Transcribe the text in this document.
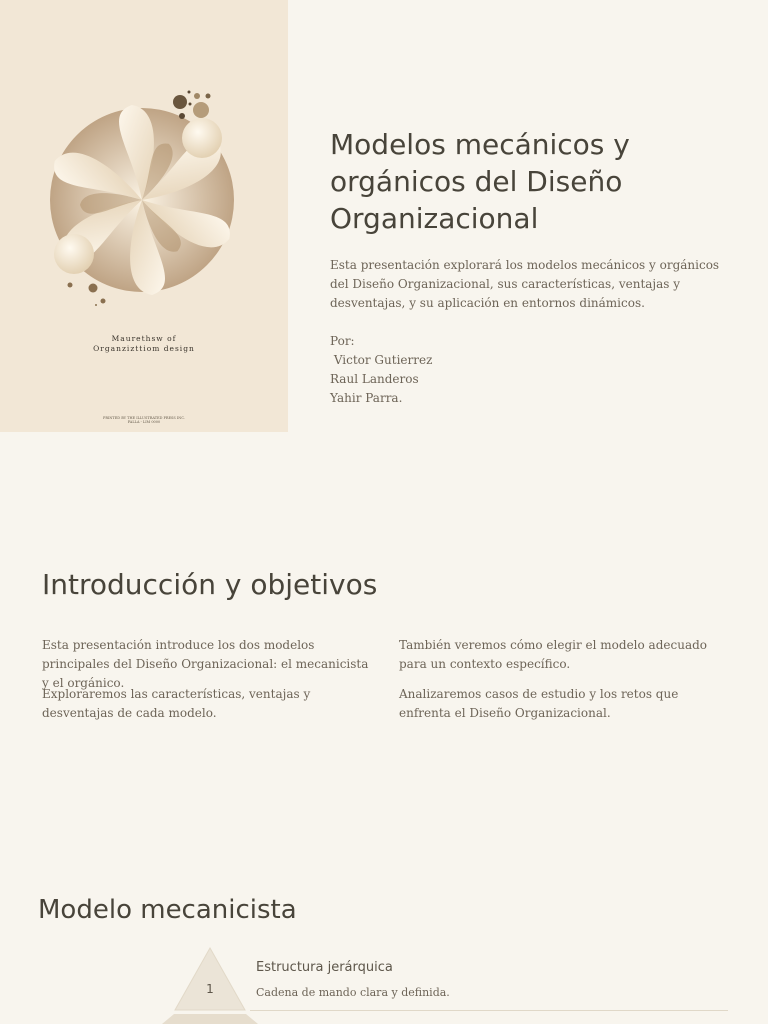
Maurethsw of
Organzizttiom design
PRINTED BY THE ILLUSTRATED PRESS INC.
PALLA - LIM 0000
Modelos mecánicos y orgánicos del Diseño Organizacional

Esta presentación explorará los modelos mecánicos y orgánicos del Diseño Organizacional, sus características, ventajas y desventajas, y su aplicación en entornos dinámicos.

Por:
Victor Gutierrez
Raul Landeros
Yahir Parra.
Introducción y objetivos

Esta presentación introduce los dos modelos principales del Diseño Organizacional: el mecanicista y el orgánico.

Exploraremos las características, ventajas y desventajas de cada modelo.

También veremos cómo elegir el modelo adecuado para un contexto específico.

Analizaremos casos de estudio y los retos que enfrenta el Diseño Organizacional.

Modelo mecanicista
1
Estructura jerárquica
Cadena de mando clara y definida.
